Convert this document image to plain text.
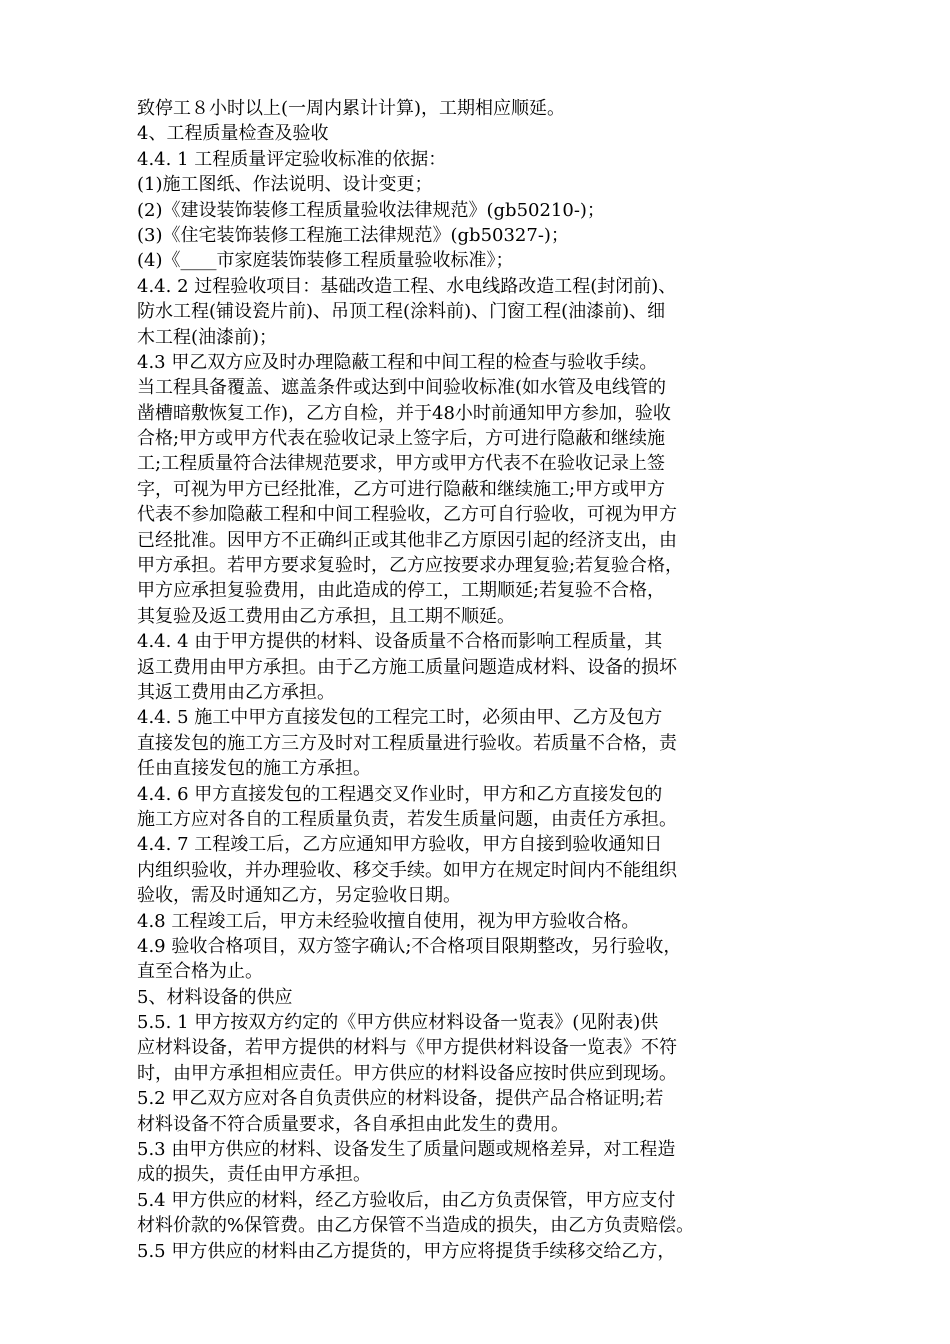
致停工８小时以上(一周内累计计算)，工期相应顺延。
4、工程质量检查及验收
4.4. 1 工程质量评定验收标准的依据：
(1)施工图纸、作法说明、设计变更；
(2)《建设装饰装修工程质量验收法律规范》(gb50210-)；
(3)《住宅装饰装修工程施工法律规范》(gb50327-)；
(4)《____市家庭装饰装修工程质量验收标准》；
4.4. 2 过程验收项目：基础改造工程、水电线路改造工程(封闭前)、
防水工程(铺设瓷片前)、吊顶工程(涂料前)、门窗工程(油漆前)、细
木工程(油漆前)；
4.3 甲乙双方应及时办理隐蔽工程和中间工程的检查与验收手续。
当工程具备覆盖、遮盖条件或达到中间验收标准(如水管及电线管的
凿槽暗敷恢复工作)，乙方自检，并于48小时前通知甲方参加，验收
合格;甲方或甲方代表在验收记录上签字后，方可进行隐蔽和继续施
工;工程质量符合法律规范要求，甲方或甲方代表不在验收记录上签
字，可视为甲方已经批准，乙方可进行隐蔽和继续施工;甲方或甲方
代表不参加隐蔽工程和中间工程验收，乙方可自行验收，可视为甲方
已经批准。因甲方不正确纠正或其他非乙方原因引起的经济支出，由
甲方承担。若甲方要求复验时，乙方应按要求办理复验;若复验合格，
甲方应承担复验费用，由此造成的停工，工期顺延;若复验不合格，
其复验及返工费用由乙方承担，且工期不顺延。
4.4. 4 由于甲方提供的材料、设备质量不合格而影响工程质量，其
返工费用由甲方承担。由于乙方施工质量问题造成材料、设备的损坏
其返工费用由乙方承担。
4.4. 5 施工中甲方直接发包的工程完工时，必须由甲、乙方及包方
直接发包的施工方三方及时对工程质量进行验收。若质量不合格，责
任由直接发包的施工方承担。
4.4. 6 甲方直接发包的工程遇交叉作业时，甲方和乙方直接发包的
施工方应对各自的工程质量负责，若发生质量问题，由责任方承担。
4.4. 7 工程竣工后，乙方应通知甲方验收，甲方自接到验收通知日
内组织验收，并办理验收、移交手续。如甲方在规定时间内不能组织
验收，需及时通知乙方，另定验收日期。
4.8 工程竣工后，甲方未经验收擅自使用，视为甲方验收合格。
4.9 验收合格项目，双方签字确认;不合格项目限期整改，另行验收，
直至合格为止。
5、材料设备的供应
5.5. 1 甲方按双方约定的《甲方供应材料设备一览表》(见附表)供
应材料设备，若甲方提供的材料与《甲方提供材料设备一览表》不符
时，由甲方承担相应责任。甲方供应的材料设备应按时供应到现场。
5.2 甲乙双方应对各自负责供应的材料设备，提供产品合格证明;若
材料设备不符合质量要求，各自承担由此发生的费用。
5.3 由甲方供应的材料、设备发生了质量问题或规格差异，对工程造
成的损失，责任由甲方承担。
5.4 甲方供应的材料，经乙方验收后，由乙方负责保管，甲方应支付
材料价款的%保管费。由乙方保管不当造成的损失，由乙方负责赔偿。
5.5 甲方供应的材料由乙方提货的，甲方应将提货手续移交给乙方，
